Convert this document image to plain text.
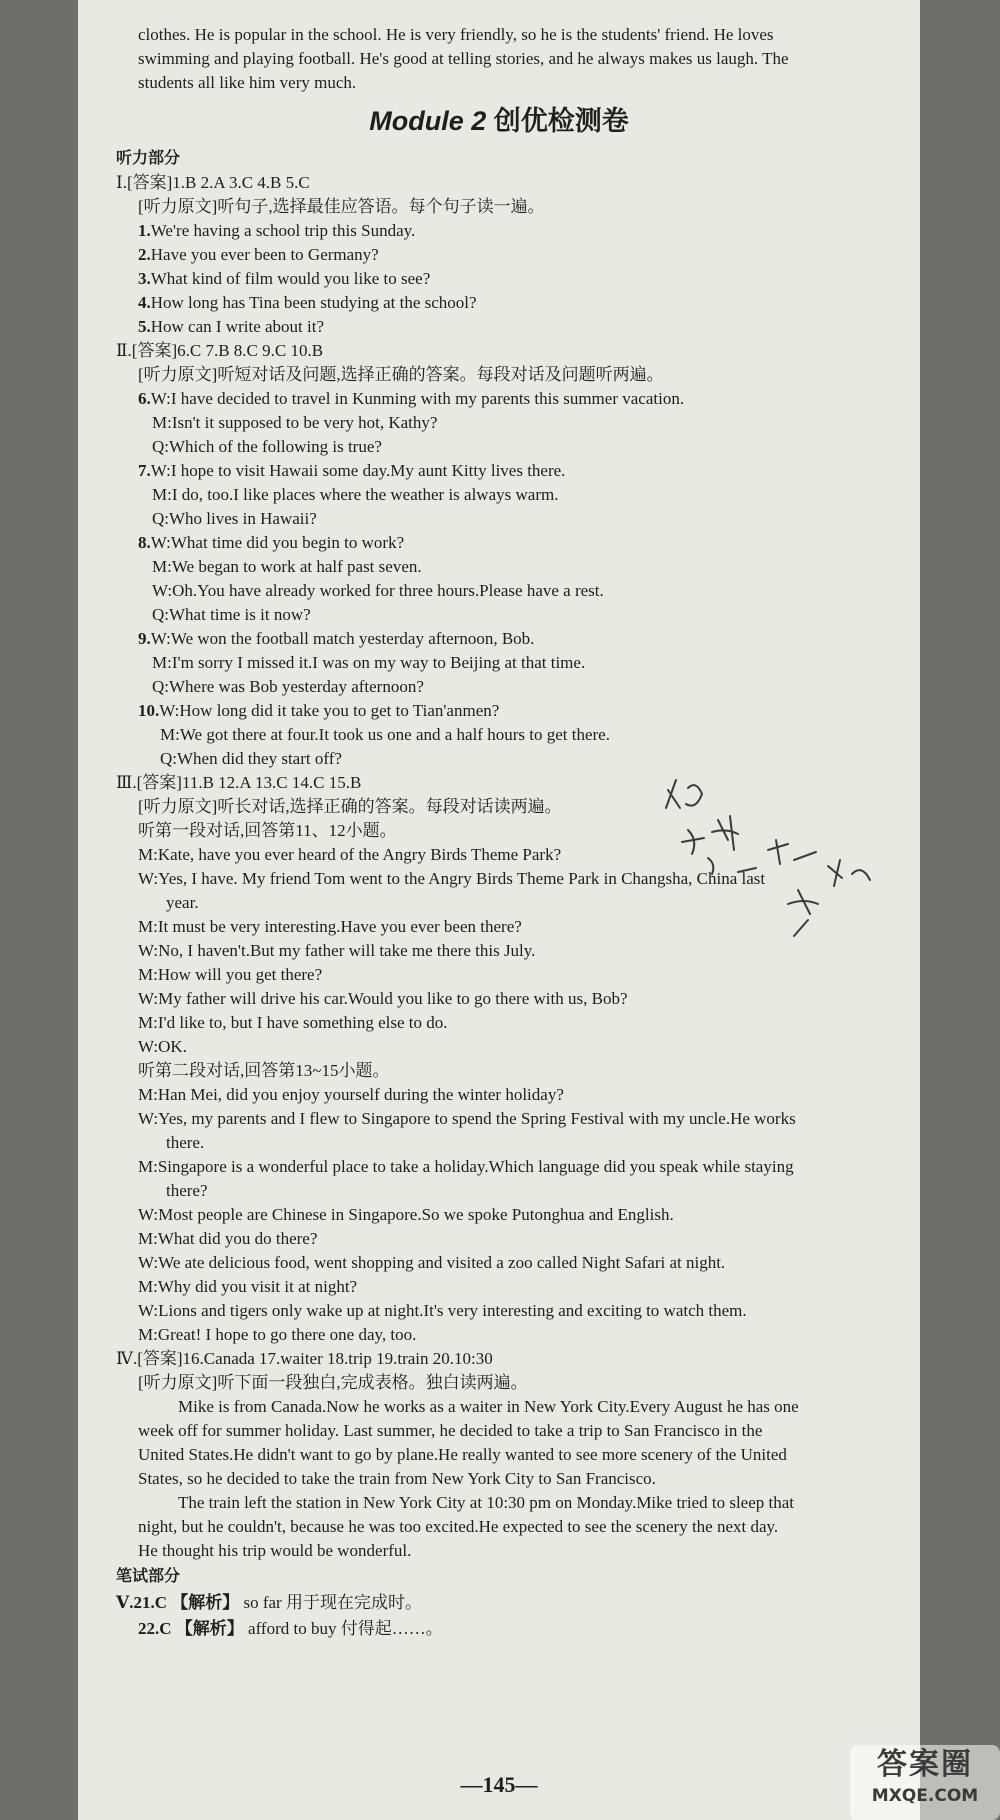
clothes. He is popular in the school. He is very friendly, so he is the students' friend. He loves
swimming and playing football. He's good at telling stories, and he always makes us laugh. The
students all like him very much.
Module 2 创优检测卷
听力部分
Ⅰ.[答案]1.B 2.A 3.C 4.B 5.C
[听力原文]听句子,选择最佳应答语。每个句子读一遍。
1.We're having a school trip this Sunday.
2.Have you ever been to Germany?
3.What kind of film would you like to see?
4.How long has Tina been studying at the school?
5.How can I write about it?
Ⅱ.[答案]6.C 7.B 8.C 9.C 10.B
[听力原文]听短对话及问题,选择正确的答案。每段对话及问题听两遍。
6.W:I have decided to travel in Kunming with my parents this summer vacation.
M:Isn't it supposed to be very hot, Kathy?
Q:Which of the following is true?
7.W:I hope to visit Hawaii some day.My aunt Kitty lives there.
M:I do, too.I like places where the weather is always warm.
Q:Who lives in Hawaii?
8.W:What time did you begin to work?
M:We began to work at half past seven.
W:Oh.You have already worked for three hours.Please have a rest.
Q:What time is it now?
9.W:We won the football match yesterday afternoon, Bob.
M:I'm sorry I missed it.I was on my way to Beijing at that time.
Q:Where was Bob yesterday afternoon?
10.W:How long did it take you to get to Tian'anmen?
M:We got there at four.It took us one and a half hours to get there.
Q:When did they start off?
Ⅲ.[答案]11.B 12.A 13.C 14.C 15.B
[听力原文]听长对话,选择正确的答案。每段对话读两遍。
听第一段对话,回答第11、12小题。
M:Kate, have you ever heard of the Angry Birds Theme Park?
W:Yes, I have. My friend Tom went to the Angry Birds Theme Park in Changsha, China last
year.
M:It must be very interesting.Have you ever been there?
W:No, I haven't.But my father will take me there this July.
M:How will you get there?
W:My father will drive his car.Would you like to go there with us, Bob?
M:I'd like to, but I have something else to do.
W:OK.
听第二段对话,回答第13~15小题。
M:Han Mei, did you enjoy yourself during the winter holiday?
W:Yes, my parents and I flew to Singapore to spend the Spring Festival with my uncle.He works
there.
M:Singapore is a wonderful place to take a holiday.Which language did you speak while staying
there?
W:Most people are Chinese in Singapore.So we spoke Putonghua and English.
M:What did you do there?
W:We ate delicious food, went shopping and visited a zoo called Night Safari at night.
M:Why did you visit it at night?
W:Lions and tigers only wake up at night.It's very interesting and exciting to watch them.
M:Great! I hope to go there one day, too.
Ⅳ.[答案]16.Canada 17.waiter 18.trip 19.train 20.10:30
[听力原文]听下面一段独白,完成表格。独白读两遍。
Mike is from Canada.Now he works as a waiter in New York City.Every August he has one
week off for summer holiday. Last summer, he decided to take a trip to San Francisco in the
United States.He didn't want to go by plane.He really wanted to see more scenery of the United
States, so he decided to take the train from New York City to San Francisco.
The train left the station in New York City at 10:30 pm on Monday.Mike tried to sleep that
night, but he couldn't, because he was too excited.He expected to see the scenery the next day.
He thought his trip would be wonderful.
笔试部分
Ⅴ.21.C 【解析】 so far 用于现在完成时。
22.C 【解析】 afford to buy 付得起……。
—145—
答案圈
MXQE.COM
